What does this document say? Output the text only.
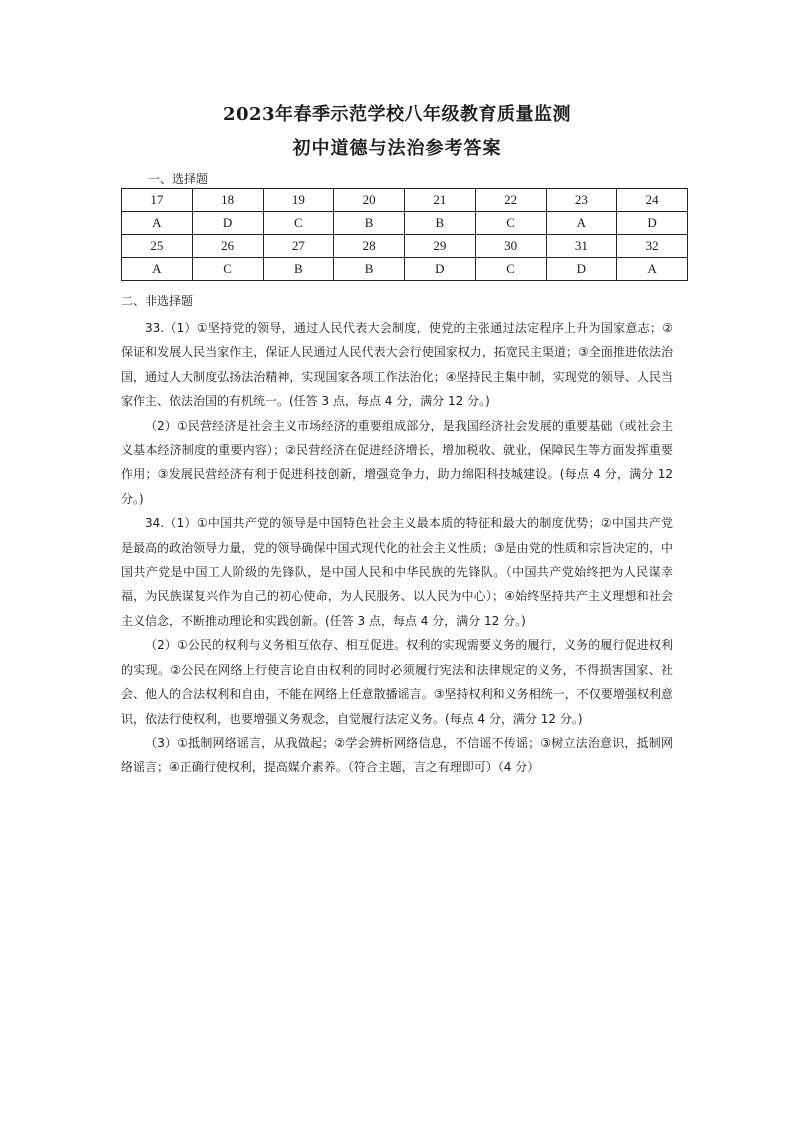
2023年春季示范学校八年级教育质量监测
初中道德与法治参考答案
一、选择题
17	18	19	20	21	22	23	24
A	D	C	B	B	C	A	D
25	26	27	28	29	30	31	32
A	C	B	B	D	C	D	A
二、非选择题

33.（1）①坚持党的领导，通过人民代表大会制度，使党的主张通过法定程序上升为国家意志；②保证和发展人民当家作主，保证人民通过人民代表大会行使国家权力，拓宽民主渠道；③全面推进依法治国，通过人大制度弘扬法治精神，实现国家各项工作法治化；④坚持民主集中制，实现党的领导、人民当家作主、依法治国的有机统一。(任答 3 点，每点 4 分，满分 12 分。)

（2）①民营经济是社会主义市场经济的重要组成部分，是我国经济社会发展的重要基础（或社会主义基本经济制度的重要内容）；②民营经济在促进经济增长，增加税收、就业，保障民生等方面发挥重要作用；③发展民营经济有利于促进科技创新，增强竞争力，助力绵阳科技城建设。(每点 4 分，满分 12 分。)

34.（1）①中国共产党的领导是中国特色社会主义最本质的特征和最大的制度优势；②中国共产党是最高的政治领导力量，党的领导确保中国式现代化的社会主义性质；③是由党的性质和宗旨决定的，中国共产党是中国工人阶级的先锋队，是中国人民和中华民族的先锋队。（中国共产党始终把为人民谋幸福，为民族谋复兴作为自己的初心使命，为人民服务、以人民为中心）；④始终坚持共产主义理想和社会主义信念，不断推动理论和实践创新。(任答 3 点，每点 4 分，满分 12 分。)

（2）①公民的权利与义务相互依存、相互促进。权利的实现需要义务的履行，义务的履行促进权利的实现。②公民在网络上行使言论自由权利的同时必须履行宪法和法律规定的义务，不得损害国家、社会、他人的合法权利和自由，不能在网络上任意散播谣言。③坚持权利和义务相统一，不仅要增强权利意识，依法行使权利，也要增强义务观念，自觉履行法定义务。(每点 4 分，满分 12 分。)

（3）①抵制网络谣言，从我做起；②学会辨析网络信息，不信谣不传谣；③树立法治意识，抵制网络谣言；④正确行使权利，提高媒介素养。（符合主题，言之有理即可）（4 分）
